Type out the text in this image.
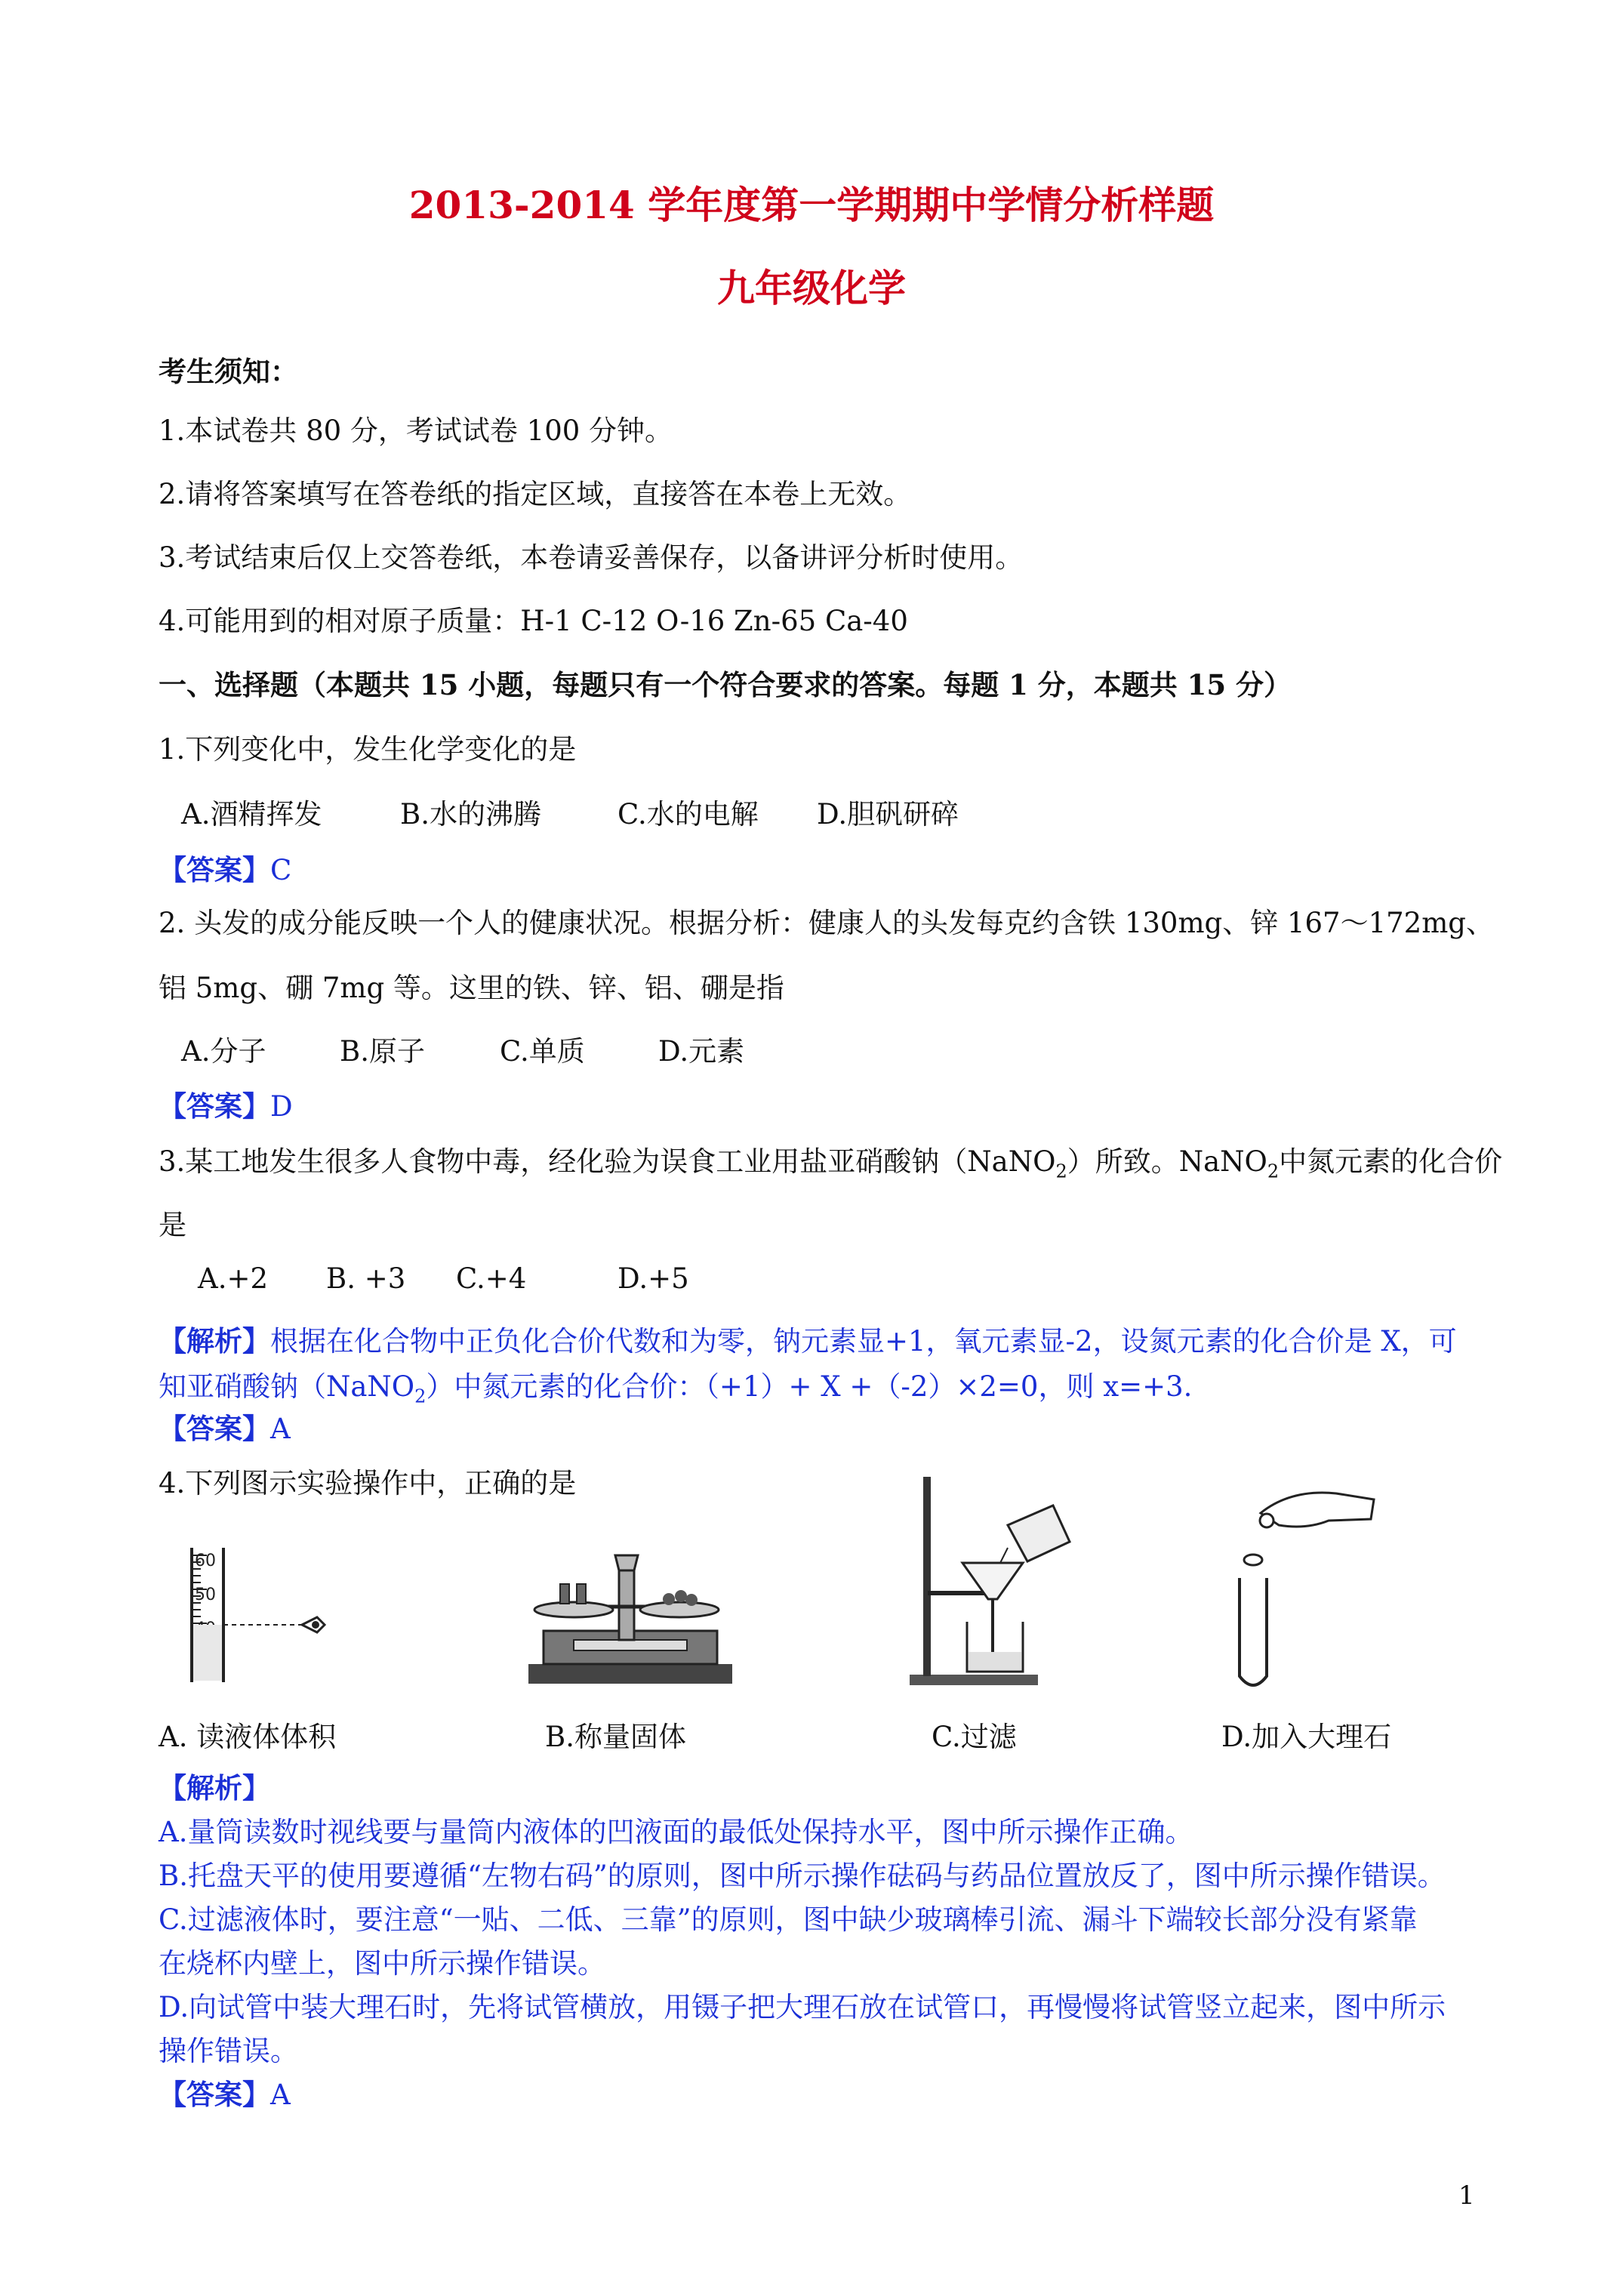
2013-2014 学年度第一学期期中学情分析样题
九年级化学
考生须知：
1.本试卷共 80 分，考试试卷 100 分钟。
2.请将答案填写在答卷纸的指定区域，直接答在本卷上无效。
3.考试结束后仅上交答卷纸，本卷请妥善保存，以备讲评分析时使用。
4.可能用到的相对原子质量：H-1 C-12 O-16 Zn-65 Ca-40
一、选择题（本题共 15 小题，每题只有一个符合要求的答案。每题 1 分，本题共 15 分）
1.下列变化中，发生化学变化的是
A.酒精挥发	B.水的沸腾	C.水的电解 D.胆矾研碎
【答案】C
2. 头发的成分能反映一个人的健康状况。根据分析：健康人的头发每克约含铁 130mg、锌 167～172mg、
铝 5mg、硼 7mg 等。这里的铁、锌、铝、硼是指
A.分子	B.原子	C.单质	D.元素
【答案】D
3.某工地发生很多人食物中毒，经化验为误食工业用盐亚硝酸钠（NaNO$_2$）所致。NaNO$_2$中氮元素的化合价
是
A.+2 B. +3 C.+4	D.+5
【解析】根据在化合物中正负化合价代数和为零，钠元素显+1，氧元素显-2，设氮元素的化合价是 X，可
知亚硝酸钠（NaNO$_2$）中氮元素的化合价：（+1）+ X +（-2）×2=0，则 x=+3.
【答案】A
4.下列图示实验操作中，正确的是
60
50
A. 读液体体积	B.称量固体	C.过滤	D.加入大理石
【解析】
A.量筒读数时视线要与量筒内液体的凹液面的最低处保持水平，图中所示操作正确。
B.托盘天平的使用要遵循“左物右码”的原则，图中所示操作砝码与药品位置放反了，图中所示操作错误。
C.过滤液体时，要注意“一贴、二低、三靠”的原则，图中缺少玻璃棒引流、漏斗下端较长部分没有紧靠
在烧杯内壁上，图中所示操作错误。
D.向试管中装大理石时，先将试管横放，用镊子把大理石放在试管口，再慢慢将试管竖立起来，图中所示
操作错误。
【答案】A
1
